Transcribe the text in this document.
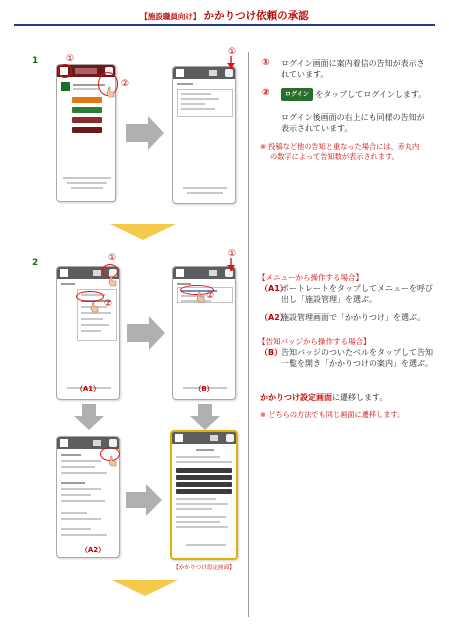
【施設職員向け】 かかりつけ依頼の承認
1	①
②
①
① ログイン画面に案内着信の告知が表示さ
れています。
②	ログイン をタップしてログインします。
ログイン後画面の右上にも同様の告知が
表示されています。
※ 投稿など他の告知と重なった場合には、赤丸内
の数字によって告知数が表示されます。
2	①
②
（A1）
①
②
（B）
（A2）
【かかりつけ設定画面】
【メニューから操作する場合】
（A1）
ポートレートをタップしてメニューを呼び
出し「施設管理」を選ぶ。
（A2）
施設管理画面で「かかりつけ」を選ぶ。
【告知バッジから操作する場合】
（B）
告知バッジのついたベルをタップして告知
一覧を開き「かかりつけの案内」を選ぶ。
かかりつけ設定画面に遷移します。
※ どちらの方法でも同じ画面に遷移します。
